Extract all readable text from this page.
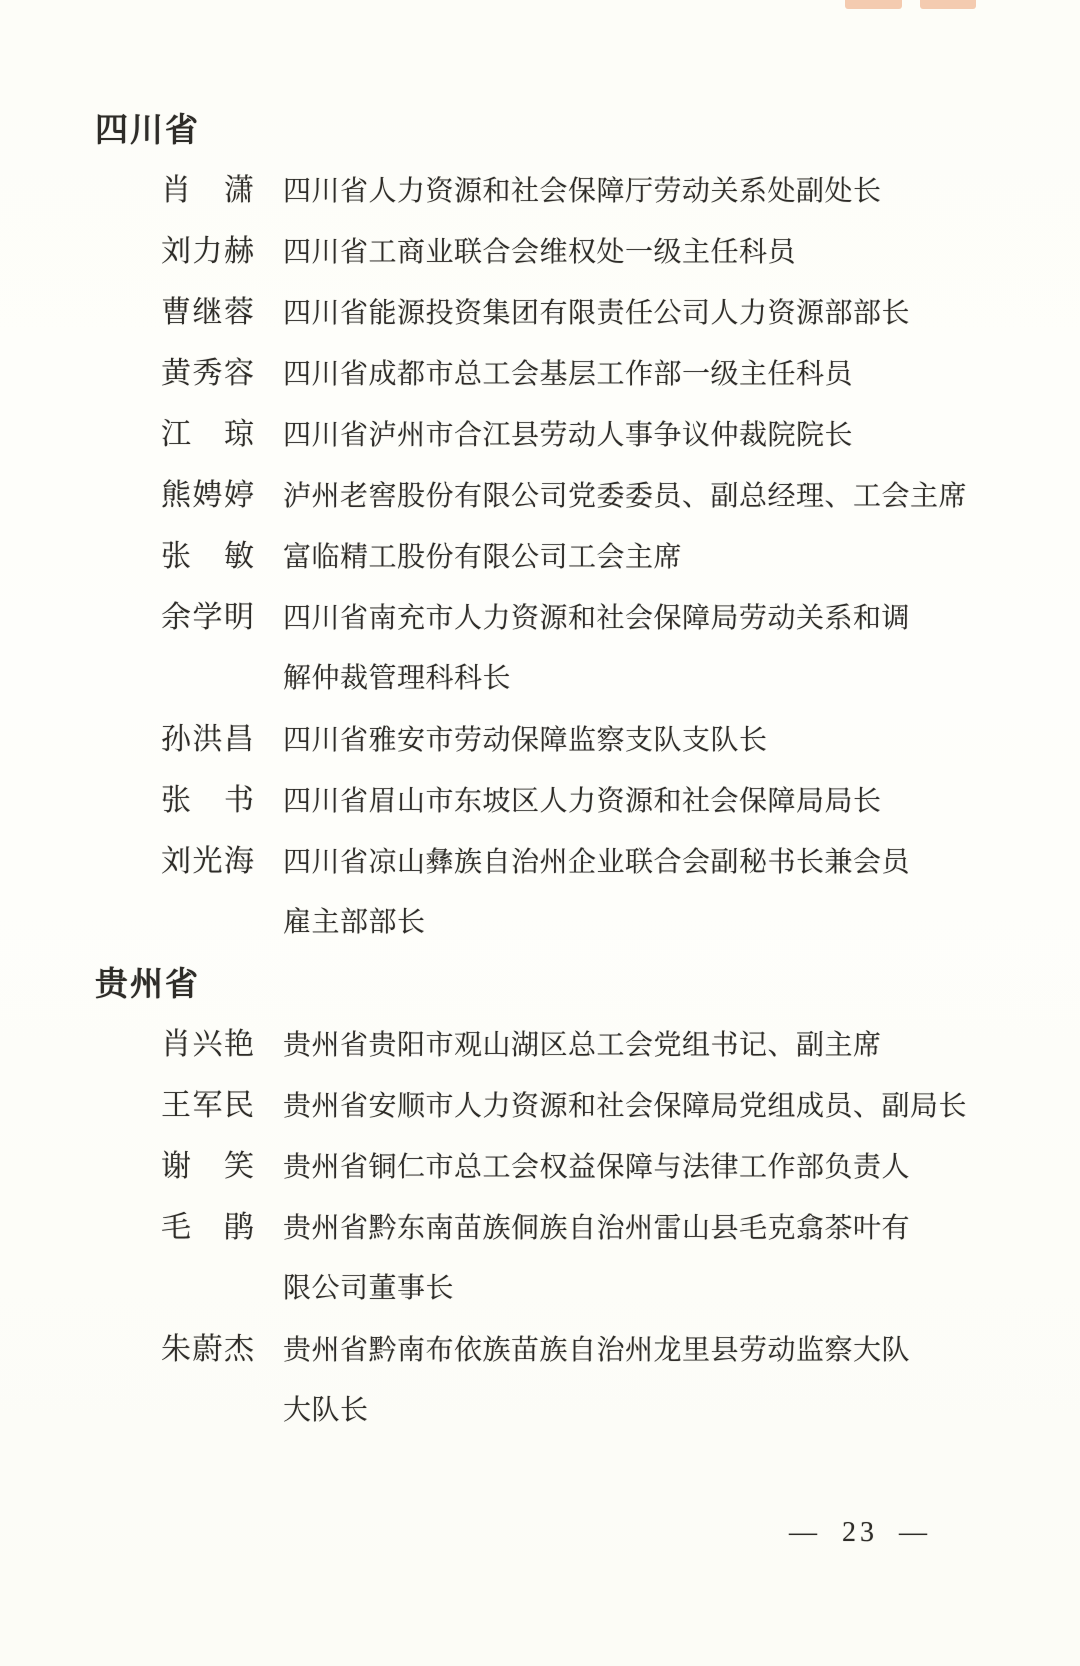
四川省
肖潇 四川省人力资源和社会保障厅劳动关系处副处长
刘力赫 四川省工商业联合会维权处一级主任科员
曹继蓉 四川省能源投资集团有限责任公司人力资源部部长
黄秀容 四川省成都市总工会基层工作部一级主任科员
江琼 四川省泸州市合江县劳动人事争议仲裁院院长
熊娉婷 泸州老窖股份有限公司党委委员、副总经理、工会主席
张敏 富临精工股份有限公司工会主席
余学明 四川省南充市人力资源和社会保障局劳动关系和调
解仲裁管理科科长
孙洪昌 四川省雅安市劳动保障监察支队支队长
张书 四川省眉山市东坡区人力资源和社会保障局局长
刘光海 四川省凉山彝族自治州企业联合会副秘书长兼会员
雇主部部长
贵州省
肖兴艳 贵州省贵阳市观山湖区总工会党组书记、副主席
王军民 贵州省安顺市人力资源和社会保障局党组成员、副局长
谢笑 贵州省铜仁市总工会权益保障与法律工作部负责人
毛鹃 贵州省黔东南苗族侗族自治州雷山县毛克翕茶叶有
限公司董事长
朱蔚杰 贵州省黔南布依族苗族自治州龙里县劳动监察大队
大队长
— 23 —
